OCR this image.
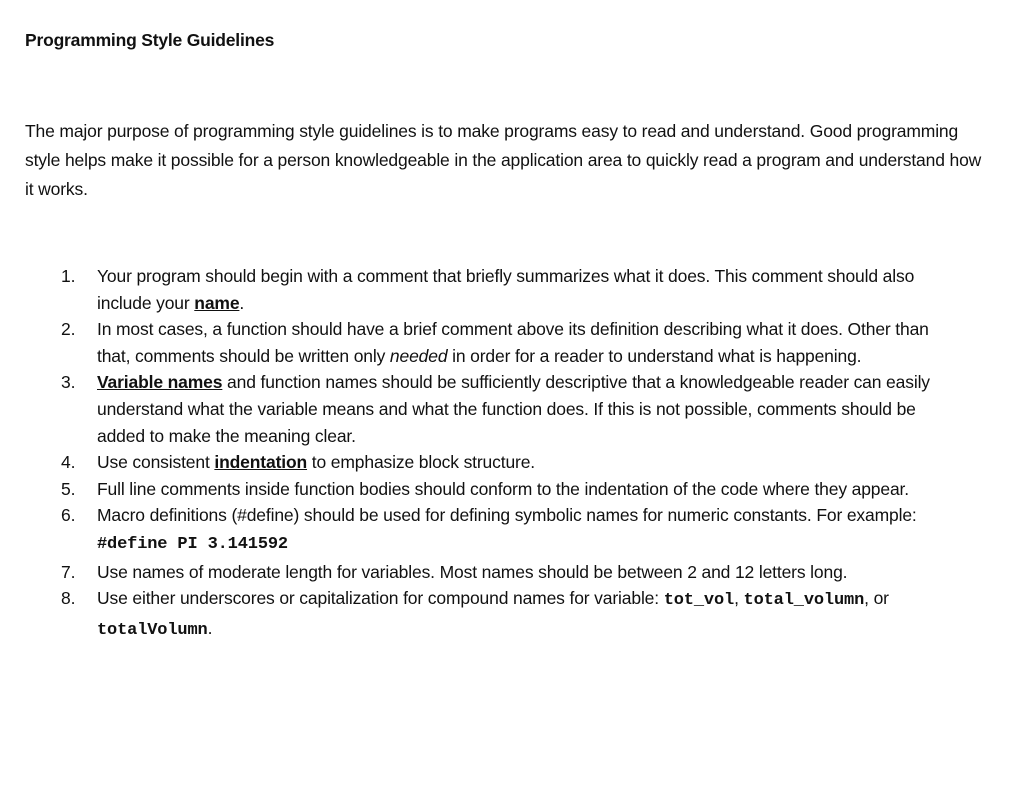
Programming Style Guidelines

The major purpose of programming style guidelines is to make programs easy to read and understand. Good programming style helps make it possible for a person knowledgeable in the application area to quickly read a program and understand how it works.

1. Your program should begin with a comment that briefly summarizes what it does. This comment should also include your name.
2. In most cases, a function should have a brief comment above its definition describing what it does. Other than that, comments should be written only needed in order for a reader to understand what is happening.
3. Variable names and function names should be sufficiently descriptive that a knowledgeable reader can easily understand what the variable means and what the function does. If this is not possible, comments should be added to make the meaning clear.
4. Use consistent indentation to emphasize block structure.
5. Full line comments inside function bodies should conform to the indentation of the code where they appear.
6. Macro definitions (#define) should be used for defining symbolic names for numeric constants. For example: #define PI 3.141592
7. Use names of moderate length for variables. Most names should be between 2 and 12 letters long.
8. Use either underscores or capitalization for compound names for variable: tot_vol, total_volumn, or totalVolumn.
